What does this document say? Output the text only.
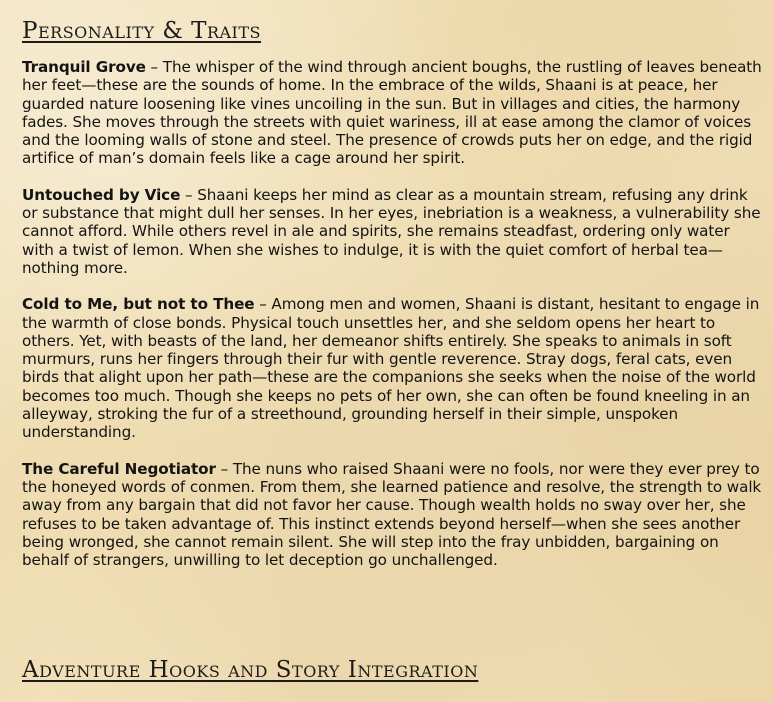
Personality & Traits

Tranquil Grove – The whisper of the wind through ancient boughs, the rustling of leaves beneath her feet—these are the sounds of home. In the embrace of the wilds, Shaani is at peace, her guarded nature loosening like vines uncoiling in the sun. But in villages and cities, the harmony fades. She moves through the streets with quiet wariness, ill at ease among the clamor of voices and the looming walls of stone and steel. The presence of crowds puts her on edge, and the rigid artifice of man’s domain feels like a cage around her spirit.

Untouched by Vice – Shaani keeps her mind as clear as a mountain stream, refusing any drink or substance that might dull her senses. In her eyes, inebriation is a weakness, a vulnerability she cannot afford. While others revel in ale and spirits, she remains steadfast, ordering only water with a twist of lemon. When she wishes to indulge, it is with the quiet comfort of herbal tea—nothing more.

Cold to Me, but not to Thee – Among men and women, Shaani is distant, hesitant to engage in the warmth of close bonds. Physical touch unsettles her, and she seldom opens her heart to others. Yet, with beasts of the land, her demeanor shifts entirely. She speaks to animals in soft murmurs, runs her fingers through their fur with gentle reverence. Stray dogs, feral cats, even birds that alight upon her path—these are the companions she seeks when the noise of the world becomes too much. Though she keeps no pets of her own, she can often be found kneeling in an alleyway, stroking the fur of a streethound, grounding herself in their simple, unspoken understanding.

The Careful Negotiator – The nuns who raised Shaani were no fools, nor were they ever prey to the honeyed words of conmen. From them, she learned patience and resolve, the strength to walk away from any bargain that did not favor her cause. Though wealth holds no sway over her, she refuses to be taken advantage of. This instinct extends beyond herself—when she sees another being wronged, she cannot remain silent. She will step into the fray unbidden, bargaining on behalf of strangers, unwilling to let deception go unchallenged.

Adventure Hooks and Story Integration
